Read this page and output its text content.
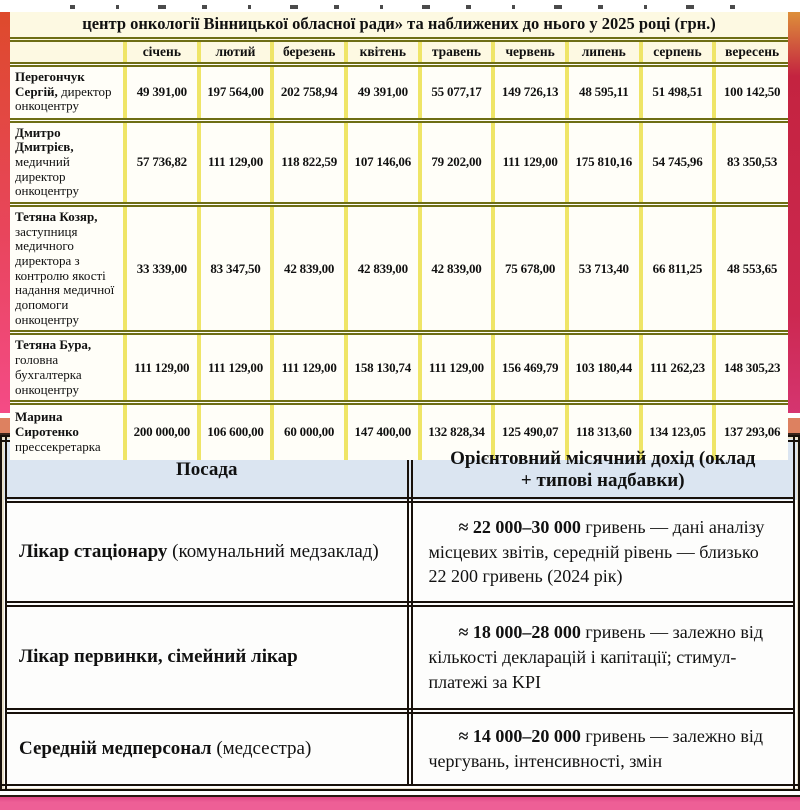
центр онкології Вінницької обласної ради» та наближених до нього у 2025 році (грн.)
	січень	лютий	березень	квітень	травень	червень	липень	серпень	вересень
Перегончук Сергій, директор онкоцентру	49 391,00	197 564,00	202 758,94	49 391,00	55 077,17	149 726,13	48 595,11	51 498,51	100 142,50
Дмитро Дмитрієв, медичний директор онкоцентру	57 736,82	111 129,00	118 822,59	107 146,06	79 202,00	111 129,00	175 810,16	54 745,96	83 350,53
Тетяна Козяр, заступниця медичного директора з контролю якості надання медичної допомоги онкоцентру	33 339,00	83 347,50	42 839,00	42 839,00	42 839,00	75 678,00	53 713,40	66 811,25	48 553,65
Тетяна Бура, головна бухгалтерка онкоцентру	111 129,00	111 129,00	111 129,00	158 130,74	111 129,00	156 469,79	103 180,44	111 262,23	148 305,23
Марина Сиротенко прессекретарка	200 000,00	106 600,00	60 000,00	147 400,00	132 828,34	125 490,07	118 313,60	134 123,05	137 293,06
Посада	Орієнтовний місячний дохід (оклад + типові надбавки)
Лікар стаціонару (комунальний медзаклад)	≈ 22 000–30 000 гривень — дані аналізу місцевих звітів, середній рівень — близько 22 200 гривень (2024 рік)
Лікар первинки, сімейний лікар	≈ 18 000–28 000 гривень — залежно від кількості декларацій і капітації; стимул-платежі за KPI
Середній медперсонал (медсестра)	≈ 14 000–20 000 гривень — залежно від чергувань, інтенсивності, змін
